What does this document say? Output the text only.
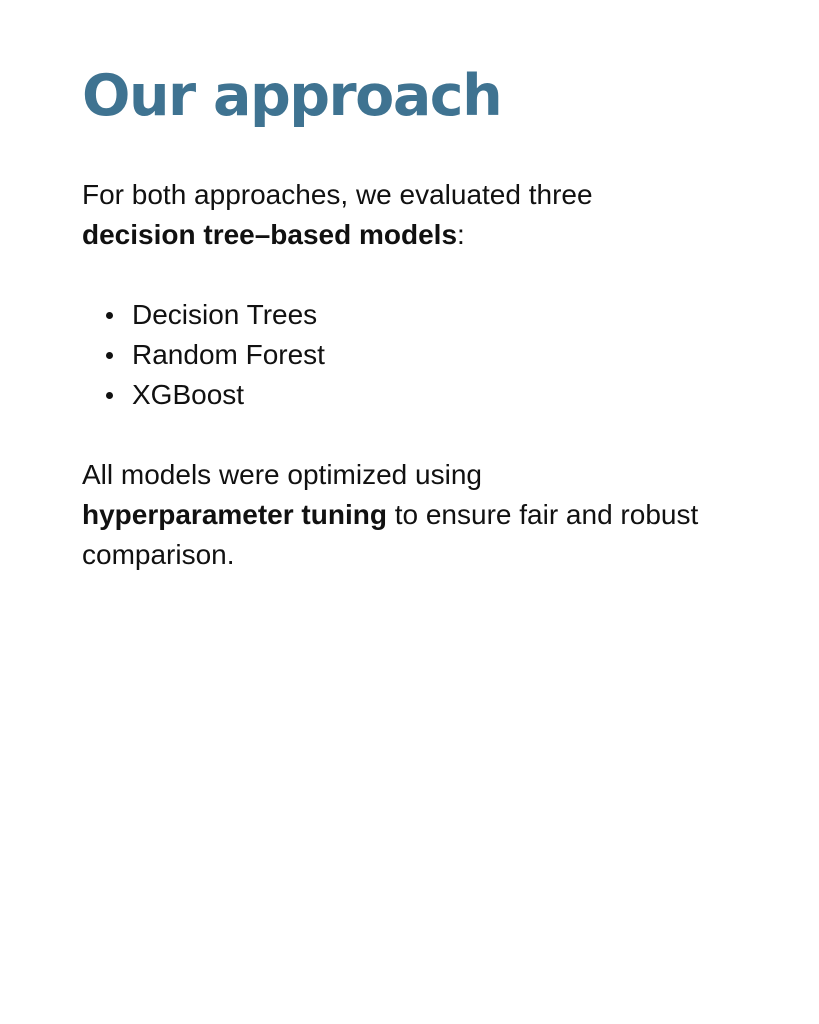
Our approach

For both approaches, we evaluated three
decision tree–based models:

Decision Trees
Random Forest
XGBoost

All models were optimized using
hyperparameter tuning to ensure fair and robust comparison.
